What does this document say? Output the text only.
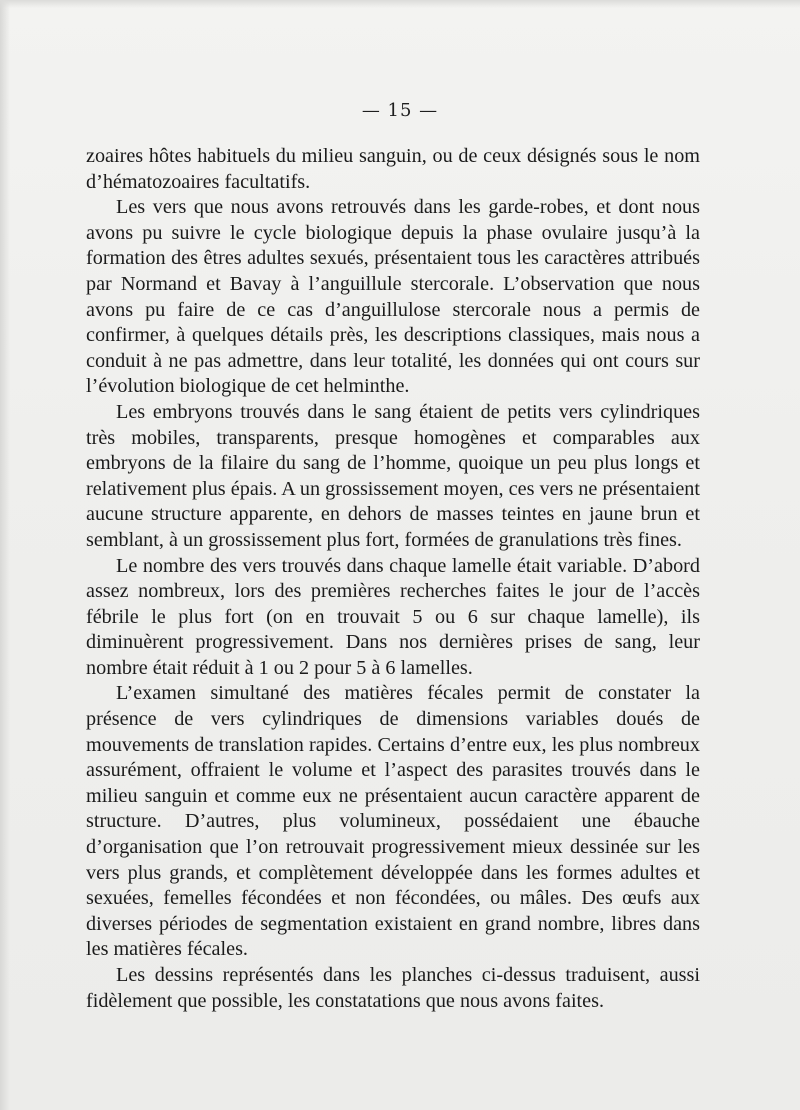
— 15 —

zoaires hôtes habituels du milieu sanguin, ou de ceux désignés sous le nom d’hématozoaires facultatifs.

Les vers que nous avons retrouvés dans les garde-robes, et dont nous avons pu suivre le cycle biologique depuis la phase ovulaire jusqu’à la formation des êtres adultes sexués, présentaient tous les caractères attribués par Normand et Bavay à l’anguillule stercorale. L’observation que nous avons pu faire de ce cas d’anguillulose stercorale nous a permis de confirmer, à quelques détails près, les descriptions classiques, mais nous a conduit à ne pas admettre, dans leur totalité, les données qui ont cours sur l’évolution biologique de cet helminthe.

Les embryons trouvés dans le sang étaient de petits vers cylindriques très mobiles, transparents, presque homogènes et comparables aux embryons de la filaire du sang de l’homme, quoique un peu plus longs et relativement plus épais. A un grossissement moyen, ces vers ne présentaient aucune structure apparente, en dehors de masses teintes en jaune brun et semblant, à un grossissement plus fort, formées de granulations très fines.

Le nombre des vers trouvés dans chaque lamelle était variable. D’abord assez nombreux, lors des premières recherches faites le jour de l’accès fébrile le plus fort (on en trouvait 5 ou 6 sur chaque lamelle), ils diminuèrent progressivement. Dans nos dernières prises de sang, leur nombre était réduit à 1 ou 2 pour 5 à 6 lamelles.

L’examen simultané des matières fécales permit de constater la présence de vers cylindriques de dimensions variables doués de mouvements de translation rapides. Certains d’entre eux, les plus nombreux assurément, offraient le volume et l’aspect des parasites trouvés dans le milieu sanguin et comme eux ne présentaient aucun caractère apparent de structure. D’autres, plus volumineux, possédaient une ébauche d’organisation que l’on retrouvait progressivement mieux dessinée sur les vers plus grands, et complètement développée dans les formes adultes et sexuées, femelles fécondées et non fécondées, ou mâles. Des œufs aux diverses périodes de segmentation existaient en grand nombre, libres dans les matières fécales.

Les dessins représentés dans les planches ci-dessus traduisent, aussi fidèlement que possible, les constatations que nous avons faites.
